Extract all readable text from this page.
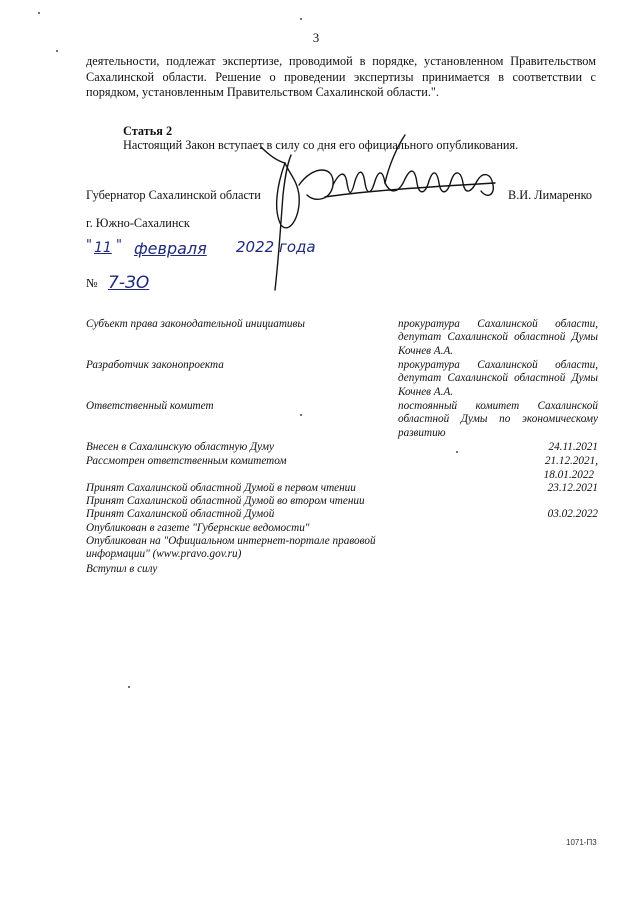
3
деятельности, подлежат экспертизе, проводимой в порядке, установленном Правительством Сахалинской области. Решение о проведении экспертизы принимается в соответствии с порядком, установленным Правительством Сахалинской области.".
Статья 2
Настоящий Закон вступает в силу со дня его официального опубликования.
Губернатор Сахалинской области	В.И. Лимаренко
г. Южно-Сахалинск
" 11 " февраля 2022 года
№ 7-ЗО
Субъект права законодательной инициативы	прокуратура Сахалинской области, депутат Сахалинской областной Думы Кочнев А.А.
Разработчик законопроекта	прокуратура Сахалинской области, депутат Сахалинской областной Думы Кочнев А.А.
Ответственный комитет	постоянный комитет Сахалинской областной Думы по экономическому развитию
Внесен в Сахалинскую областную Думу	24.11.2021
Рассмотрен ответственным комитетом	21.12.2021,
18.01.2022
Принят Сахалинской областной Думой в первом чтении	23.12.2021
Принят Сахалинской областной Думой во втором чтении
Принят Сахалинской областной Думой	03.02.2022
Опубликован в газете "Губернские ведомости"
Опубликован на "Официальном интернет-портале правовой информации" (www.pravo.gov.ru)
Вступил в силу
1071-П3
